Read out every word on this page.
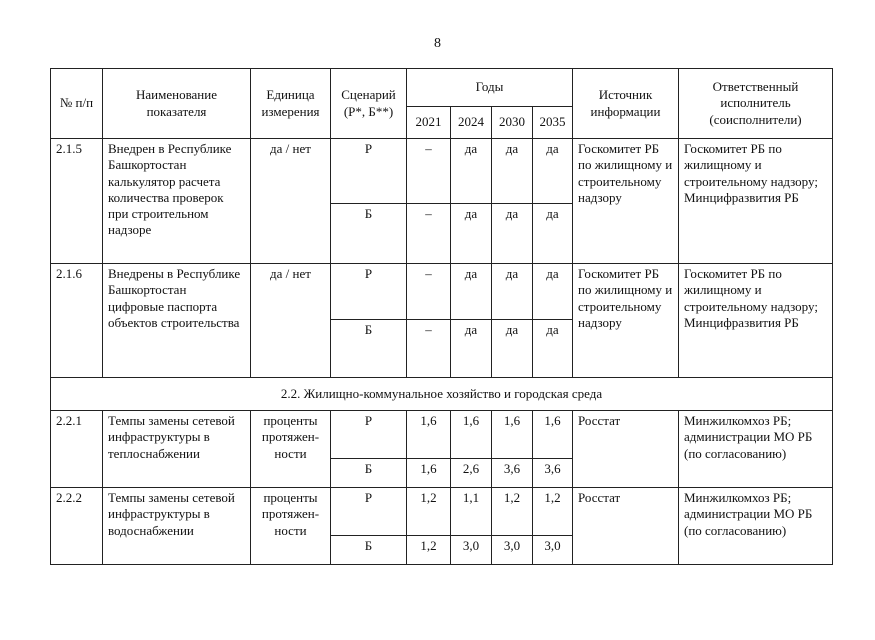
8
№ п/п	Наименование показателя	Единица измерения	Сценарий (Р*, Б**)	Годы				Источник информации	Ответственный исполнитель (соисполнители)
				2021	2024	2030	2035		
2.1.5	Внедрен в Республике Башкортостан калькулятор расчета количества проверок при строительном надзоре	да / нет	Р	–	да	да	да	Госкомитет РБ по жилищному и строительному надзору	Госкомитет РБ по жилищному и строительному надзору; Минцифразвития РБ
			Б	–	да	да	да		
2.1.6	Внедрены в Республике Башкортостан цифровые паспорта объектов строительства	да / нет	Р	–	да	да	да	Госкомитет РБ по жилищному и строительному надзору	Госкомитет РБ по жилищному и строительному надзору; Минцифразвития РБ
			Б	–	да	да	да		
2.2. Жилищно-коммунальное хозяйство и городская среда									
2.2.1	Темпы замены сетевой инфраструктуры в теплоснабжении	проценты протяжен-ности	Р	1,6	1,6	1,6	1,6	Росстат	Минжилкомхоз РБ; администрации МО РБ (по согласованию)
			Б	1,6	2,6	3,6	3,6		
2.2.2	Темпы замены сетевой инфраструктуры в водоснабжении	проценты протяжен-ности	Р	1,2	1,1	1,2	1,2	Росстат	Минжилкомхоз РБ; администрации МО РБ (по согласованию)
			Б	1,2	3,0	3,0	3,0		
